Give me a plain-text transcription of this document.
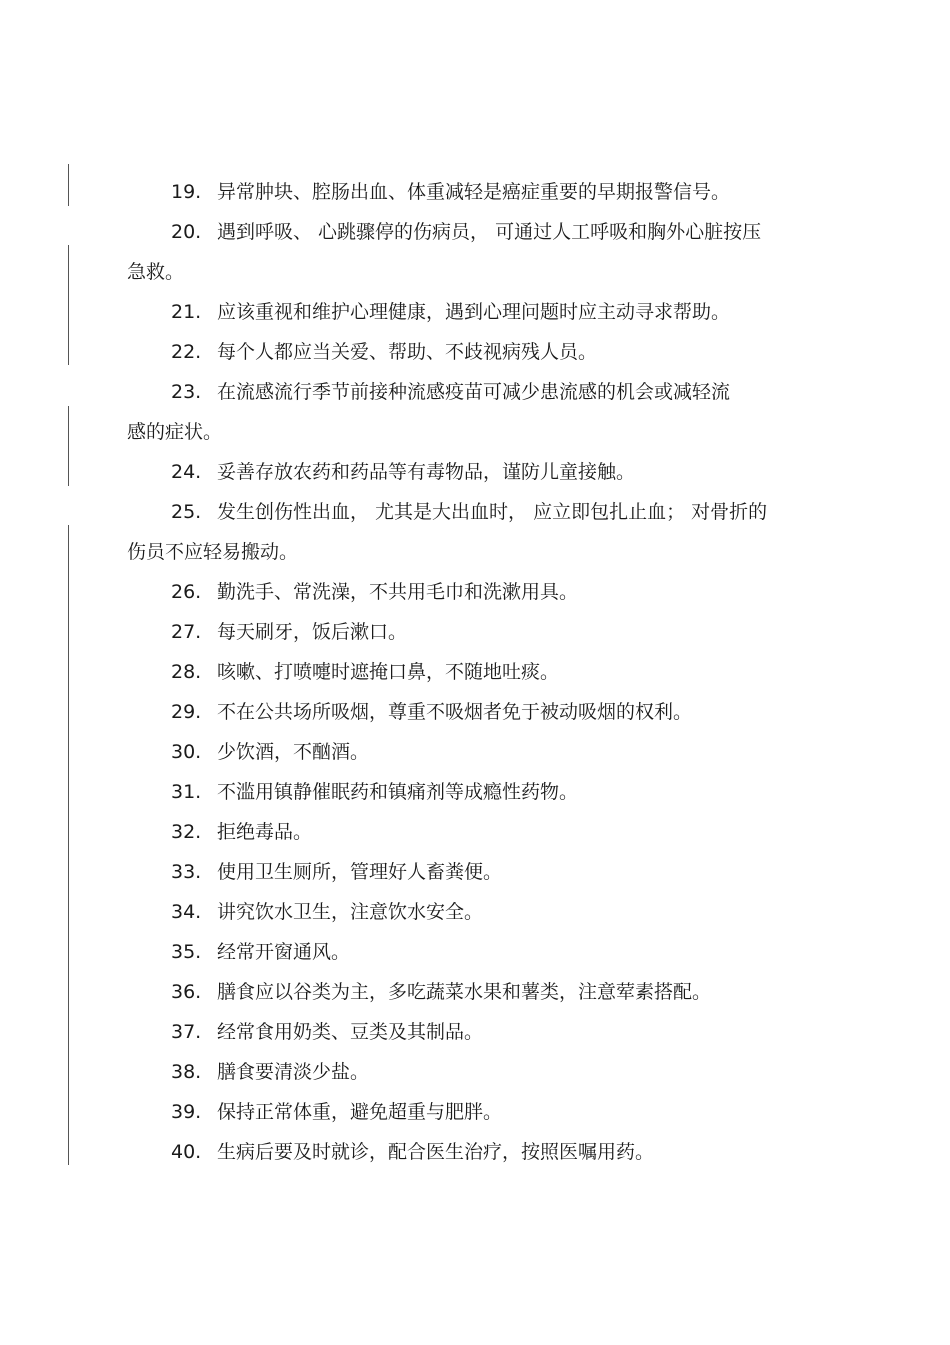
19. 异常肿块、腔肠出血、体重减轻是癌症重要的早期报警信号。
20. 遇到呼吸、 心跳骤停的伤病员， 可通过人工呼吸和胸外心脏按压
急救。
21. 应该重视和维护心理健康，遇到心理问题时应主动寻求帮助。
22. 每个人都应当关爱、帮助、不歧视病残人员。
23. 在流感流行季节前接种流感疫苗可减少患流感的机会或减轻流
感的症状。
24. 妥善存放农药和药品等有毒物品，谨防儿童接触。
25. 发生创伤性出血， 尤其是大出血时， 应立即包扎止血； 对骨折的
伤员不应轻易搬动。
26. 勤洗手、常洗澡，不共用毛巾和洗漱用具。
27. 每天刷牙，饭后漱口。
28. 咳嗽、打喷嚏时遮掩口鼻，不随地吐痰。
29. 不在公共场所吸烟，尊重不吸烟者免于被动吸烟的权利。
30. 少饮酒，不酗酒。
31. 不滥用镇静催眠药和镇痛剂等成瘾性药物。
32. 拒绝毒品。
33. 使用卫生厕所，管理好人畜粪便。
34. 讲究饮水卫生，注意饮水安全。
35. 经常开窗通风。
36. 膳食应以谷类为主，多吃蔬菜水果和薯类，注意荤素搭配。
37. 经常食用奶类、豆类及其制品。
38. 膳食要清淡少盐。
39. 保持正常体重，避免超重与肥胖。
40. 生病后要及时就诊，配合医生治疗，按照医嘱用药。
